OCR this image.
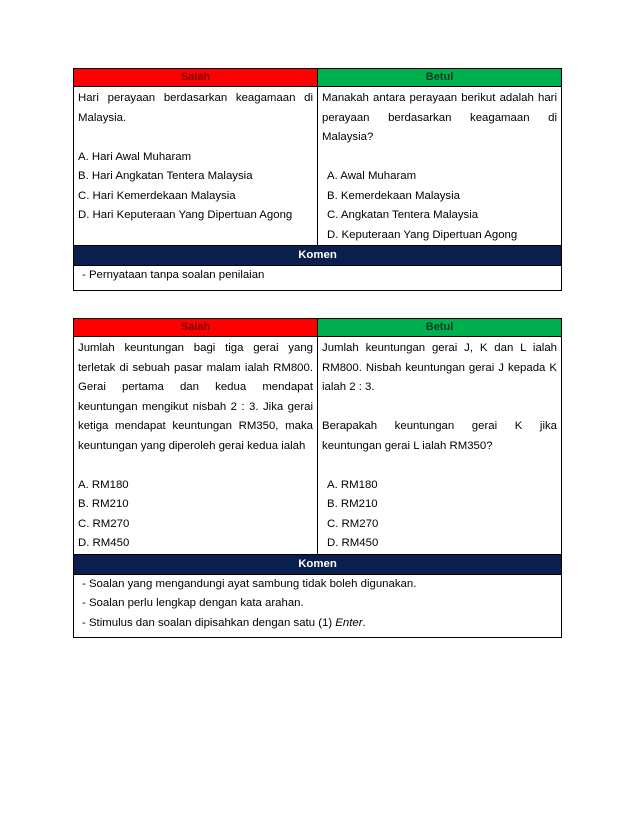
Salah	Betul

Hari perayaan berdasarkan keagamaan di Malaysia.

A. Hari Awal Muharam

B. Hari Angkatan Tentera Malaysia

C. Hari Kemerdekaan Malaysia

D. Hari Keputeraan Yang Dipertuan Agong

Manakah antara perayaan berikut adalah hari perayaan berdasarkan keagamaan di Malaysia?

A. Awal Muharam

B. Kemerdekaan Malaysia

C. Angkatan Tentera Malaysia

D. Keputeraan Yang Dipertuan Agong

Komen
- Pernyataan tanpa soalan penilaian
Salah	Betul

Jumlah keuntungan bagi tiga gerai yang terletak di sebuah pasar malam ialah RM800. Gerai pertama dan kedua mendapat keuntungan mengikut nisbah 2 : 3. Jika gerai ketiga mendapat keuntungan RM350, maka keuntungan yang diperoleh gerai kedua ialah

A. RM180

B. RM210

C. RM270

D. RM450

Jumlah keuntungan gerai J, K dan L ialah RM800. Nisbah keuntungan gerai J kepada K ialah 2 : 3.

Berapakah keuntungan gerai K jika keuntungan gerai L ialah RM350?

A. RM180

B. RM210

C. RM270

D. RM450

Komen
- Soalan yang mengandungi ayat sambung tidak boleh digunakan.
- Soalan perlu lengkap dengan kata arahan.
- Stimulus dan soalan dipisahkan dengan satu (1) Enter.
